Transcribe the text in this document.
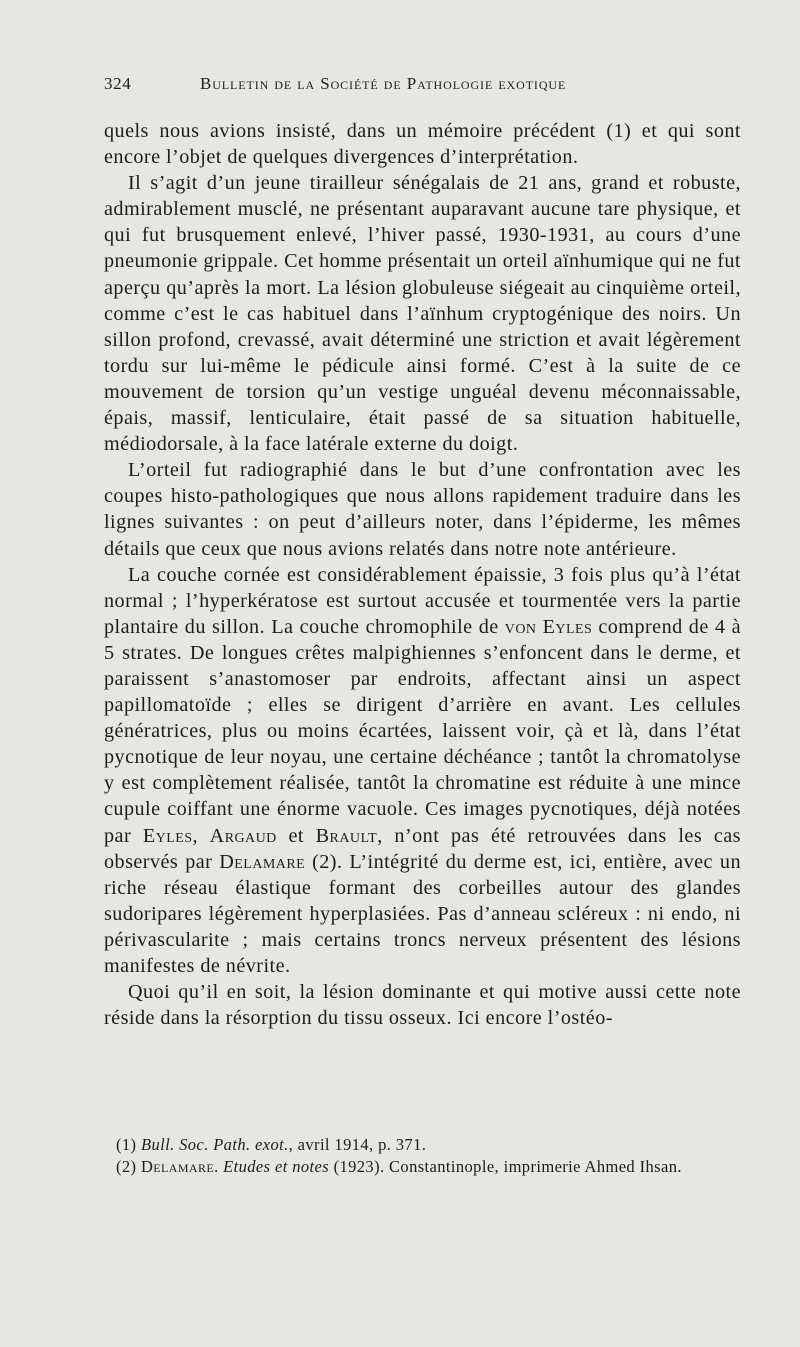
324	Bulletin de la Société de Pathologie exotique

quels nous avions insisté, dans un mémoire précédent (1) et qui sont encore l’objet de quelques divergences d’interprétation.

Il s’agit d’un jeune tirailleur sénégalais de 21 ans, grand et robuste, admirablement musclé, ne présentant auparavant aucune tare physique, et qui fut brusquement enlevé, l’hiver passé, 1930-1931, au cours d’une pneumonie grippale. Cet homme présentait un orteil aïnhumique qui ne fut aperçu qu’après la mort. La lésion globuleuse siégeait au cinquième orteil, comme c’est le cas habituel dans l’aïnhum cryptogénique des noirs. Un sillon profond, crevassé, avait déterminé une striction et avait légèrement tordu sur lui-même le pédicule ainsi formé. C’est à la suite de ce mouvement de torsion qu’un vestige unguéal devenu méconnaissable, épais, massif, lenticulaire, était passé de sa situation habituelle, médiodorsale, à la face latérale externe du doigt.

L’orteil fut radiographié dans le but d’une confrontation avec les coupes histo-pathologiques que nous allons rapidement traduire dans les lignes suivantes : on peut d’ailleurs noter, dans l’épiderme, les mêmes détails que ceux que nous avions relatés dans notre note antérieure.

La couche cornée est considérablement épaissie, 3 fois plus qu’à l’état normal ; l’hyperkératose est surtout accusée et tourmentée vers la partie plantaire du sillon. La couche chromophile de von Eyles comprend de 4 à 5 strates. De longues crêtes malpighiennes s’enfoncent dans le derme, et paraissent s’anastomoser par endroits, affectant ainsi un aspect papillomatoïde ; elles se dirigent d’arrière en avant. Les cellules génératrices, plus ou moins écartées, laissent voir, çà et là, dans l’état pycnotique de leur noyau, une certaine déchéance ; tantôt la chromatolyse y est complètement réalisée, tantôt la chromatine est réduite à une mince cupule coiffant une énorme vacuole. Ces images pycnotiques, déjà notées par Eyles, Argaud et Brault, n’ont pas été retrouvées dans les cas observés par Delamare (2). L’intégrité du derme est, ici, entière, avec un riche réseau élastique formant des corbeilles autour des glandes sudoripares légèrement hyperplasiées. Pas d’anneau scléreux : ni endo, ni périvascularite ; mais certains troncs nerveux présentent des lésions manifestes de névrite.

Quoi qu’il en soit, la lésion dominante et qui motive aussi cette note réside dans la résorption du tissu osseux. Ici encore l’ostéo-

(1) Bull. Soc. Path. exot., avril 1914, p. 371.

(2) Delamare. Etudes et notes (1923). Constantinople, imprimerie Ahmed Ihsan.
